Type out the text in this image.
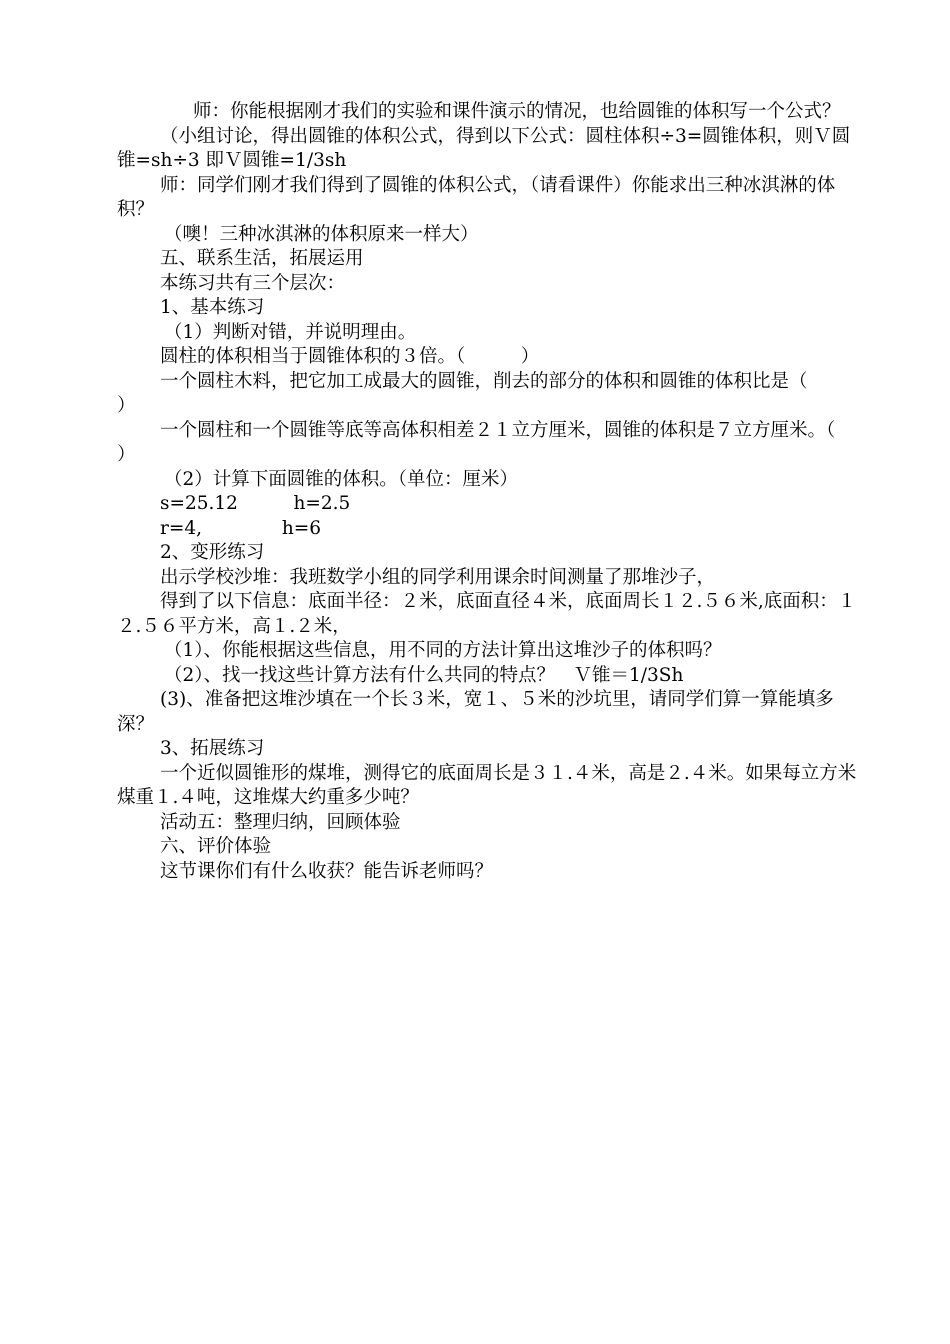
师：你能根据刚才我们的实验和课件演示的情况，也给圆锥的体积写一个公式？

（小组讨论，得出圆锥的体积公式，得到以下公式：圆柱体积÷3=圆锥体积，则Ｖ圆锥=sh÷3 即Ｖ圆锥=1/3sh

师：同学们刚才我们得到了圆锥的体积公式，（请看课件）你能求出三种冰淇淋的体积？

（噢！三种冰淇淋的体积原来一样大）

五、联系生活，拓展运用

本练习共有三个层次：

1、基本练习

（1）判断对错，并说明理由。

圆柱的体积相当于圆锥体积的３倍。（　　　）

一个圆柱木料，把它加工成最大的圆锥，削去的部分的体积和圆锥的体积比是（　　　）

一个圆柱和一个圆锥等底等高体积相差２１立方厘米，圆锥的体积是７立方厘米。（　　）

（2）计算下面圆锥的体积。（单位：厘米）

s=25.12　　　h=2.5

r=4,　　　　 h=6

2、变形练习

出示学校沙堆：我班数学小组的同学利用课余时间测量了那堆沙子，

得到了以下信息：底面半径：２米，底面直径４米，底面周长１２.５６米,底面积：１２.５６平方米，高１.２米，

（1）、你能根据这些信息，用不同的方法计算出这堆沙子的体积吗？

（2）、找一找这些计算方法有什么共同的特点？　Ｖ锥＝1/3Sh

(3)、准备把这堆沙填在一个长３米，宽１、５米的沙坑里，请同学们算一算能填多深？

3、拓展练习

一个近似圆锥形的煤堆，测得它的底面周长是３１.４米，高是２.４米。如果每立方米煤重１.４吨，这堆煤大约重多少吨？

活动五：整理归纳，回顾体验

六、评价体验

这节课你们有什么收获？能告诉老师吗？
